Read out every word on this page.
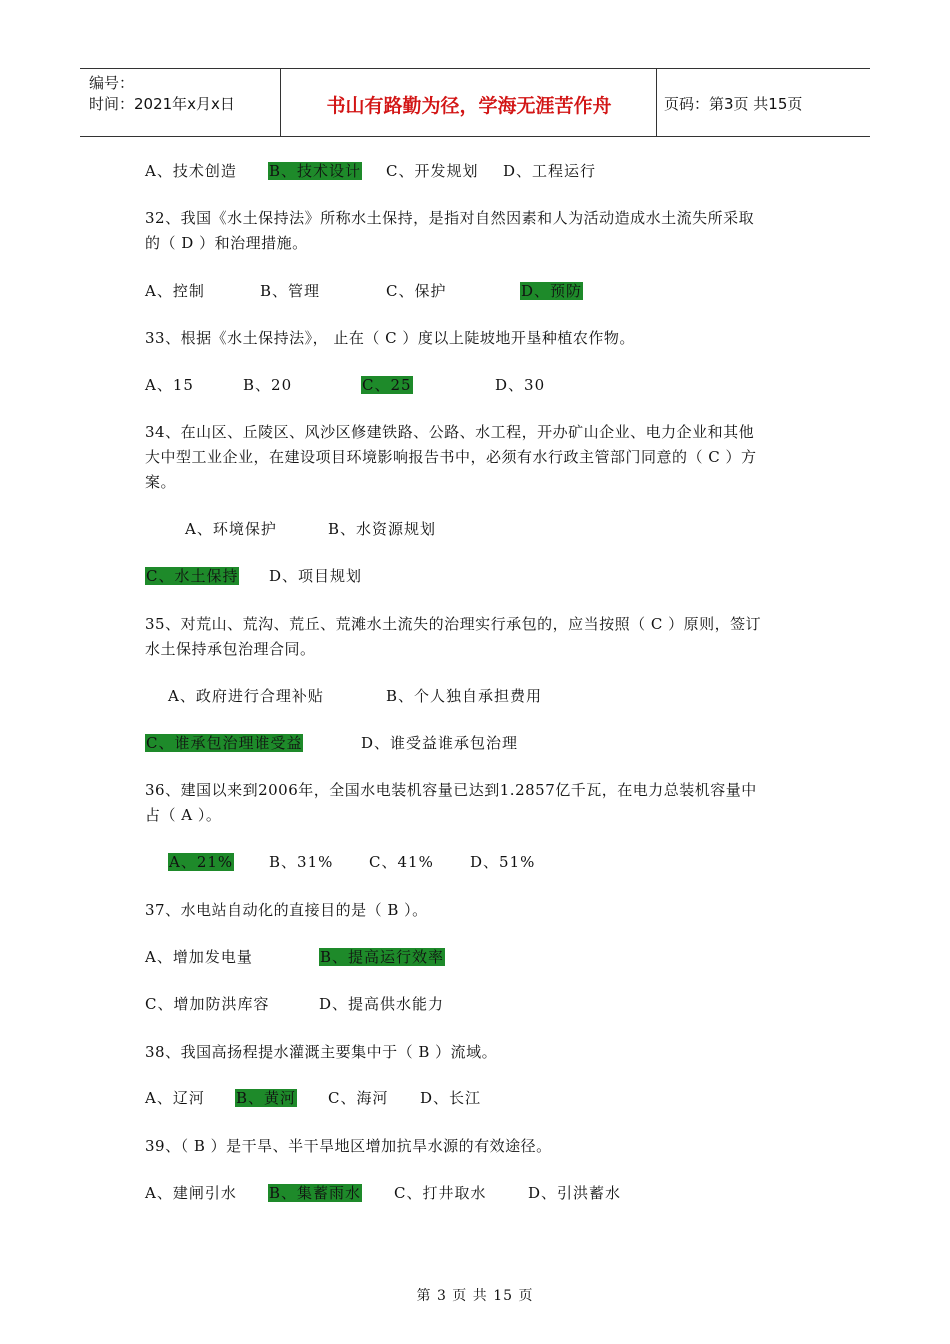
编号：
时间：2021年x月x日	书山有路勤为径，学海无涯苦作舟	页码：第3页 共15页
A、技术创造 B、技术设计 C、开发规划 D、工程运行
32、我国《水土保持法》所称水土保持，是指对自然因素和人为活动造成水土流失所采取
的（ D ）和治理措施。
A、控制	B、管理	C、保护	D、预防
33、根据《水土保持法》， 止在（ C ）度以上陡坡地开垦种植农作物。
A、15	B、20	C、25	D、30
34、在山区、丘陵区、风沙区修建铁路、公路、水工程，开办矿山企业、电力企业和其他
大中型工业企业，在建设项目环境影响报告书中，必须有水行政主管部门同意的（ C ）方
案。
A、环境保护	B、水资源规划
C、水土保持 D、项目规划
35、对荒山、荒沟、荒丘、荒滩水土流失的治理实行承包的，应当按照（ C ）原则，签订
水土保持承包治理合同。
A、政府进行合理补贴	B、个人独自承担费用
C、谁承包治理谁受益	D、谁受益谁承包治理
36、建国以来到2006年，全国水电装机容量已达到1.2857亿千瓦，在电力总装机容量中
占（ A ）。
A、21% B、31% C、41% D、51%
37、水电站自动化的直接目的是（ B ）。
A、增加发电量	B、提高运行效率
C、增加防洪库容	D、提高供水能力
38、我国高扬程提水灌溉主要集中于（ B ）流域。
A、辽河 B、黄河 C、海河 D、长江
39、（ B ）是干旱、半干旱地区增加抗旱水源的有效途径。
A、建闸引水 B、集蓄雨水 C、打井取水	D、引洪蓄水
第 3 页 共 15 页
